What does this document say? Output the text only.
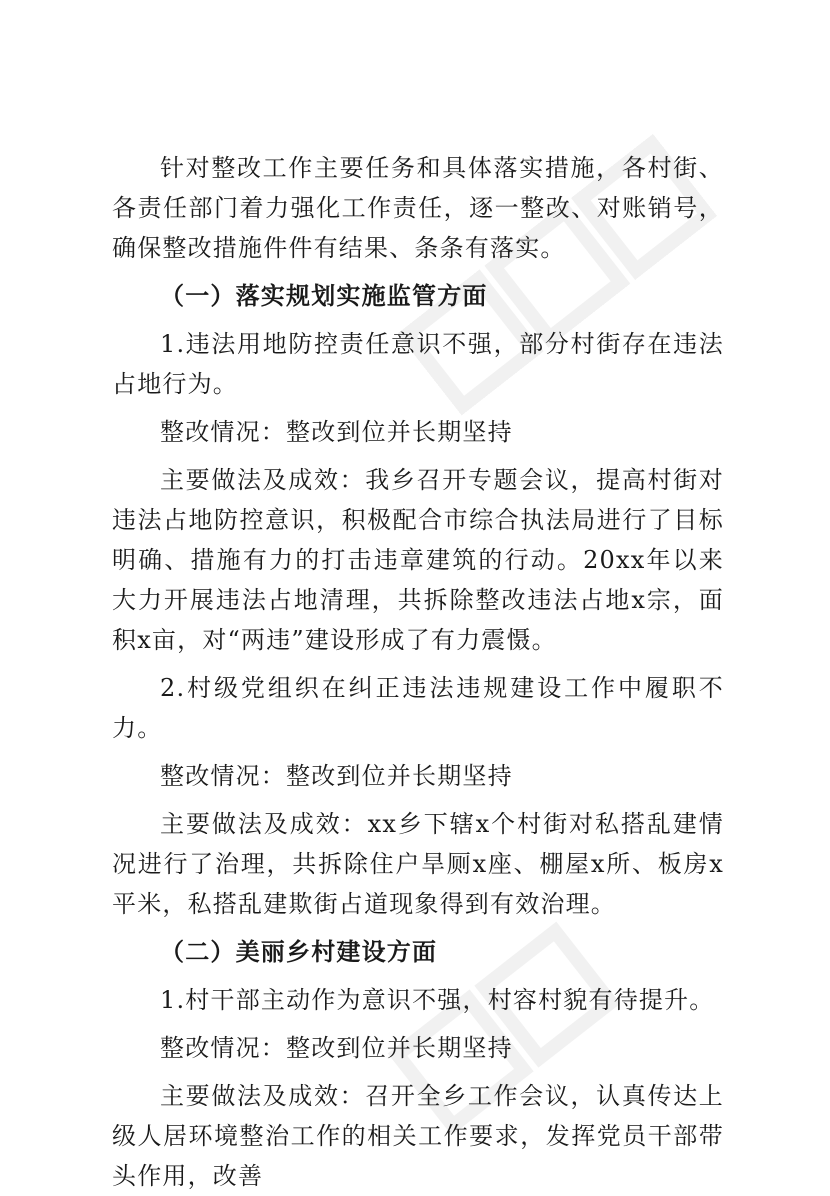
针对整改工作主要任务和具体落实措施，各村街、各责任部门着力强化工作责任，逐一整改、对账销号，确保整改措施件件有结果、条条有落实。

（一）落实规划实施监管方面

1.违法用地防控责任意识不强，部分村街存在违法占地行为。

整改情况：整改到位并长期坚持

主要做法及成效：我乡召开专题会议，提高村街对违法占地防控意识，积极配合市综合执法局进行了目标明确、措施有力的打击违章建筑的行动。20xx年以来大力开展违法占地清理，共拆除整改违法占地x宗，面积x亩，对“两违”建设形成了有力震慑。

2.村级党组织在纠正违法违规建设工作中履职不力。

整改情况：整改到位并长期坚持

主要做法及成效：xx乡下辖x个村街对私搭乱建情况进行了治理，共拆除住户旱厕x座、棚屋x所、板房x平米，私搭乱建欺街占道现象得到有效治理。

（二）美丽乡村建设方面

1.村干部主动作为意识不强，村容村貌有待提升。

整改情况：整改到位并长期坚持

主要做法及成效：召开全乡工作会议，认真传达上级人居环境整治工作的相关工作要求，发挥党员干部带头作用，改善
